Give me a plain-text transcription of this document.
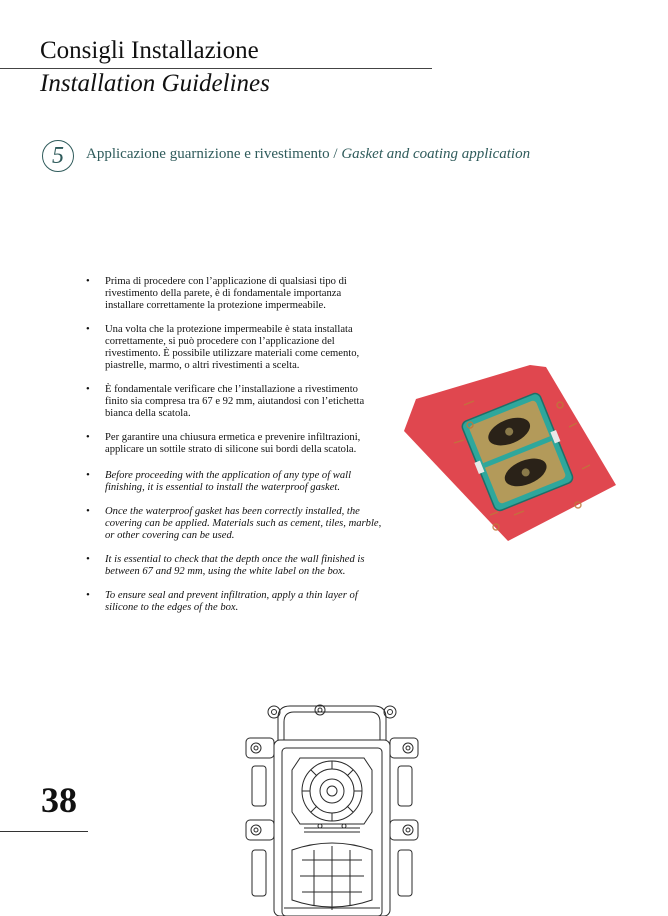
Consigli Installazione
Installation Guidelines
5	Applicazione guarnizione e rivestimento / Gasket and coating application
• Prima di procedere con l’applicazione di qualsiasi tipo di rivestimento della parete, è di fondamentale importanza installare correttamente la protezione impermeabile.
• Una volta che la protezione impermeabile è stata installata correttamente, si può procedere con l’applicazione del rivestimento. È possibile utilizzare materiali come cemento, piastrelle, marmo, o altri rivestimenti a scelta.
• È fondamentale verificare che l’installazione a rivestimento finito sia compresa tra 67 e 92 mm, aiutandosi con l’etichetta bianca della scatola.
• Per garantire una chiusura ermetica e prevenire infiltrazioni, applicare un sottile strato di silicone sui bordi della scatola.
• Before proceeding with the application of any type of wall finishing, it is essential to install the waterproof gasket.
• Once the waterproof gasket has been correctly installed, the covering can be applied. Materials such as cement, tiles, marble, or other covering can be used.
• It is essential to check that the depth once the wall finished is between 67 and 92 mm, using the white label on the box.
• To ensure seal and prevent infiltration, apply a thin layer of silicone to the edges of the box.
38
